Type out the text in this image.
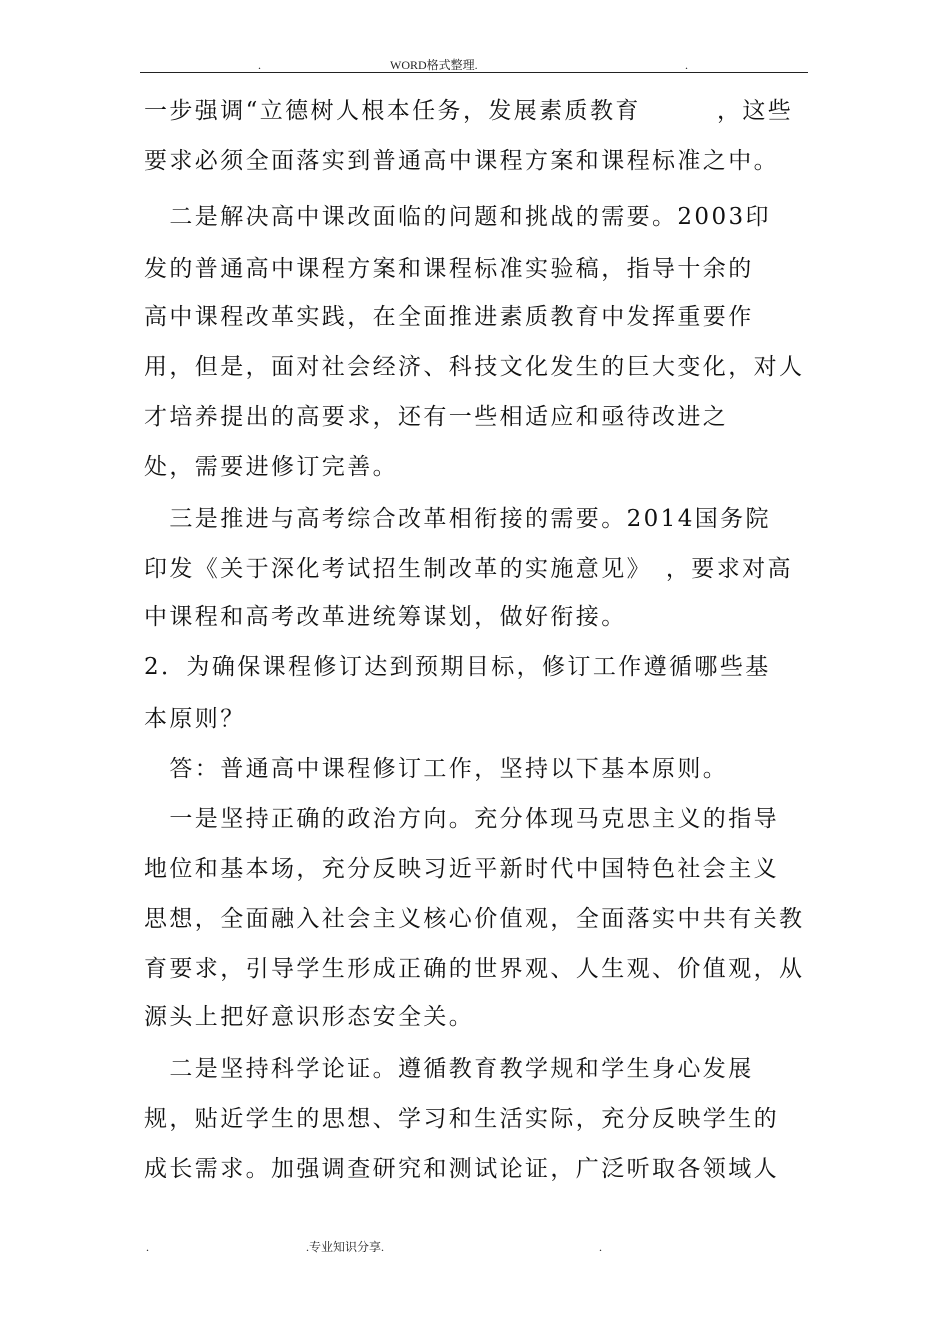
.	WORD格式整理.	.
一步强调“立德树人根本任务，发展素质教育　　　，这些
要求必须全面落实到普通高中课程方案和课程标准之中。
　二是解决高中课改面临的问题和挑战的需要。2003印
发的普通高中课程方案和课程标准实验稿，指导十余的
高中课程改革实践，在全面推进素质教育中发挥重要作
用，但是，面对社会经济、科技文化发生的巨大变化，对人
才培养提出的高要求，还有一些相适应和亟待改进之
处，需要进修订完善。
　三是推进与高考综合改革相衔接的需要。2014国务院
印发《关于深化考试招生制改革的实施意见》　，要求对高
中课程和高考改革进统筹谋划，做好衔接。
2．为确保课程修订达到预期目标，修订工作遵循哪些基
本原则？
　答：普通高中课程修订工作，坚持以下基本原则。
　一是坚持正确的政治方向。充分体现马克思主义的指导
地位和基本场，充分反映习近平新时代中国特色社会主义
思想，全面融入社会主义核心价值观，全面落实中共有关教
育要求，引导学生形成正确的世界观、人生观、价值观，从
源头上把好意识形态安全关。
　二是坚持科学论证。遵循教育教学规和学生身心发展
规，贴近学生的思想、学习和生活实际，充分反映学生的
成长需求。加强调查研究和测试论证，广泛听取各领域人
.	.专业知识分享.	.
